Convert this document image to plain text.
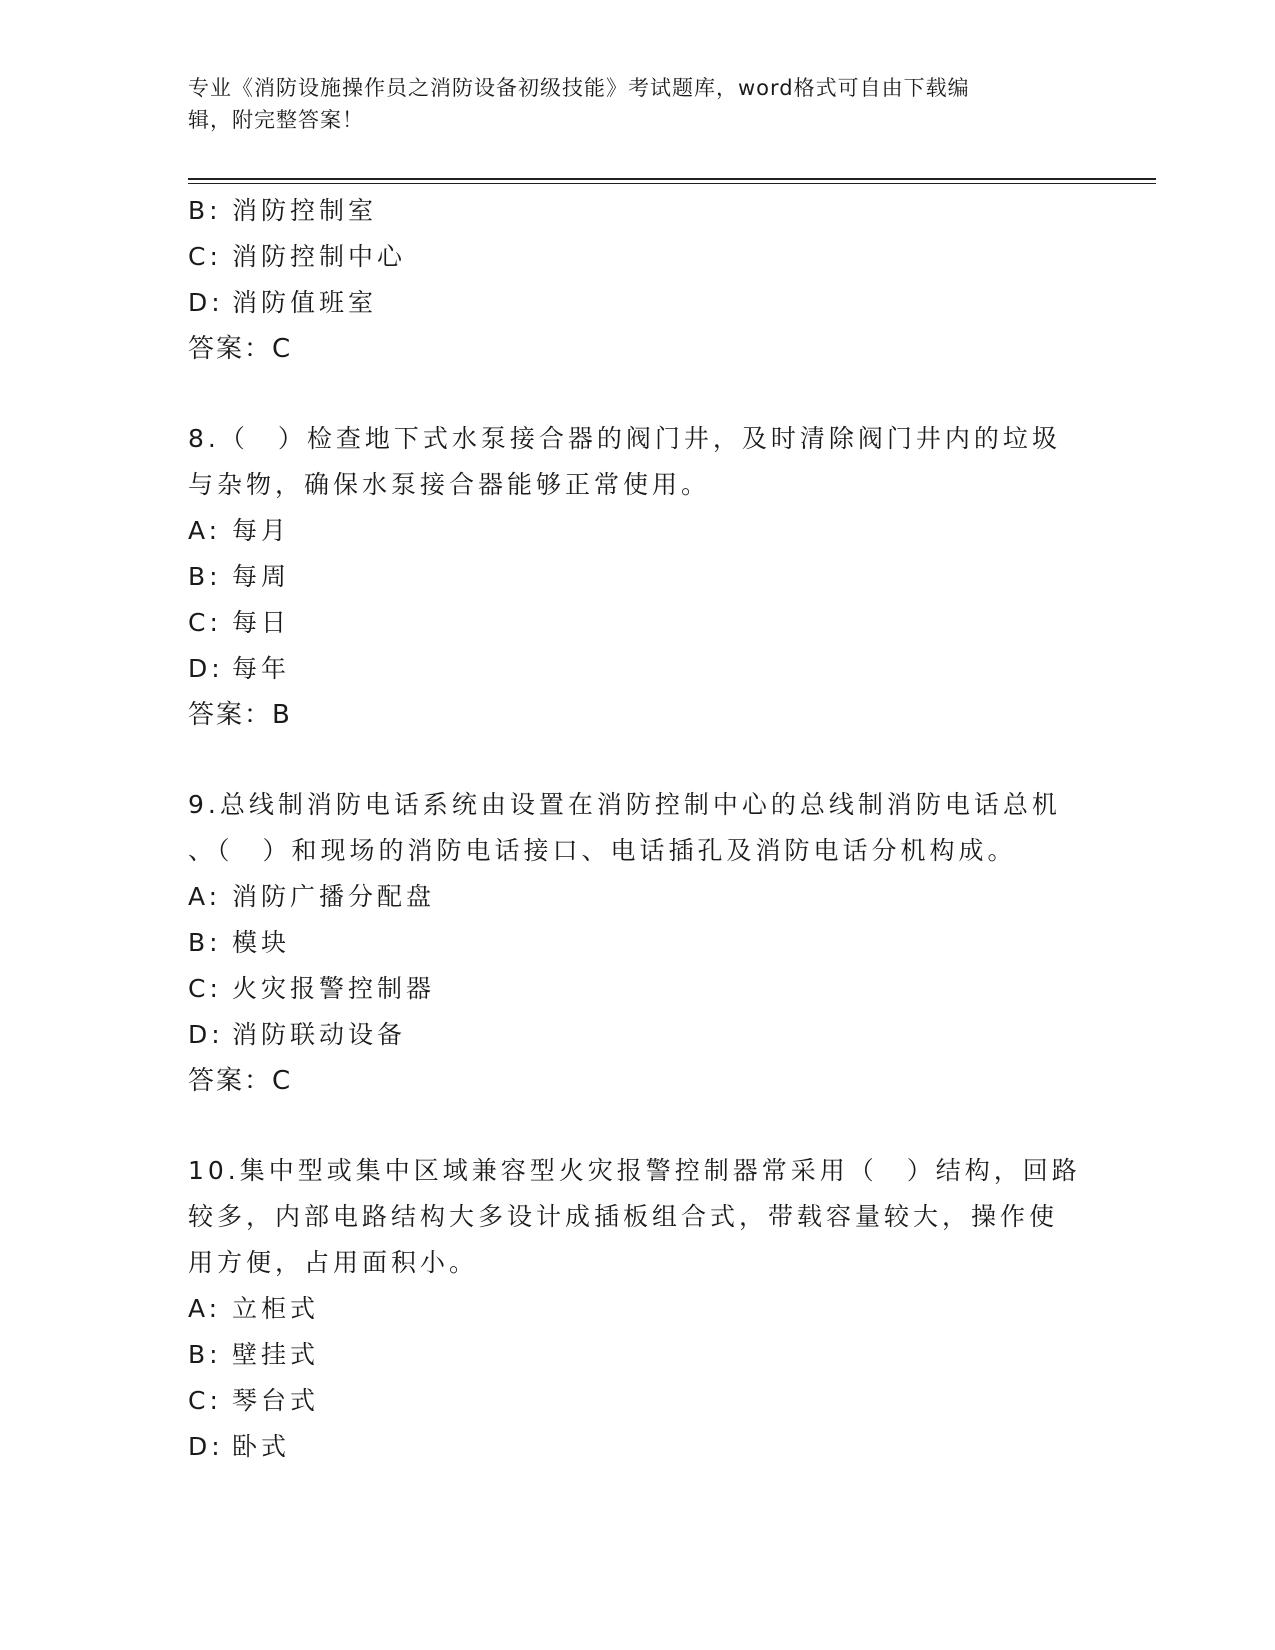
专业《消防设施操作员之消防设备初级技能》考试题库，word格式可自由下载编
辑，附完整答案！
B: 消防控制室
C: 消防控制中心
D: 消防值班室
答案：C
8.（　）检查地下式水泵接合器的阀门井，及时清除阀门井内的垃圾
与杂物，确保水泵接合器能够正常使用。
A: 每月
B: 每周
C: 每日
D: 每年
答案：B
9.总线制消防电话系统由设置在消防控制中心的总线制消防电话总机
、（　）和现场的消防电话接口、电话插孔及消防电话分机构成。
A: 消防广播分配盘
B: 模块
C: 火灾报警控制器
D: 消防联动设备
答案：C
10.集中型或集中区域兼容型火灾报警控制器常采用（　）结构，回路
较多，内部电路结构大多设计成插板组合式，带载容量较大，操作使
用方便，占用面积小。
A: 立柜式
B: 壁挂式
C: 琴台式
D: 卧式
